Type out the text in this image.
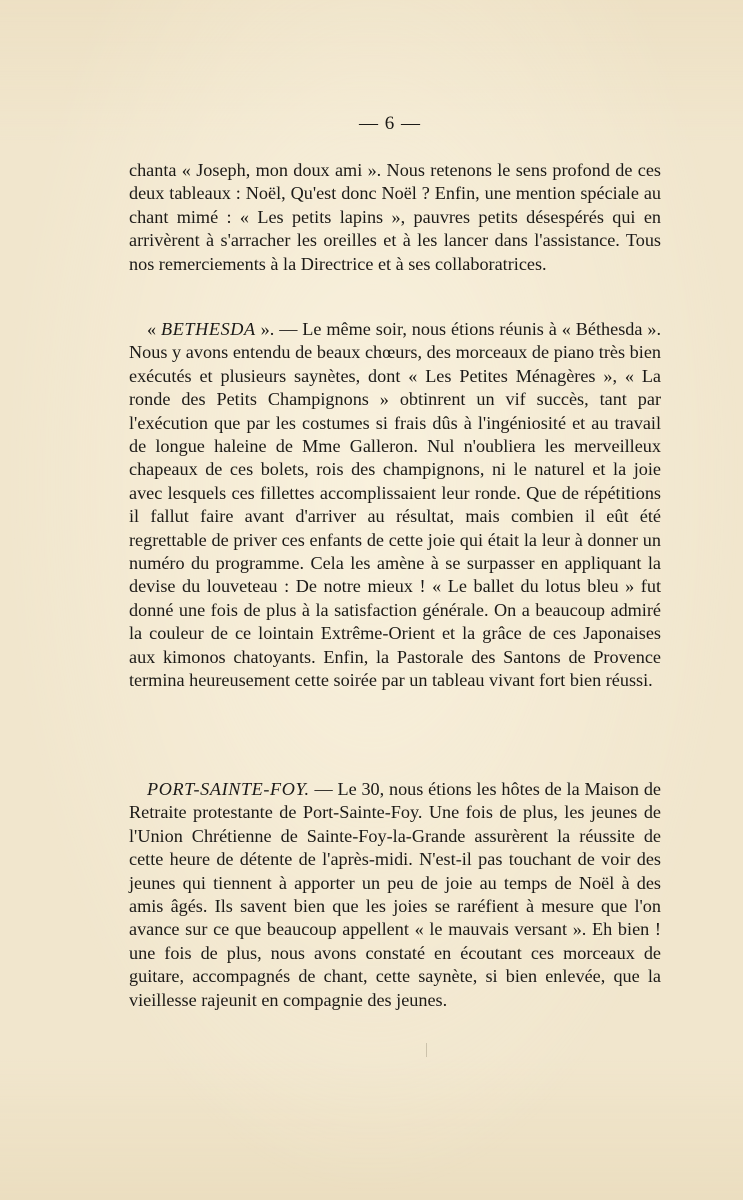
— 6 —

chanta « Joseph, mon doux ami ». Nous retenons le sens profond de ces deux tableaux : Noël, Qu'est donc Noël ? Enfin, une mention spéciale au chant mimé : « Les petits lapins », pauvres petits désespérés qui en arrivèrent à s'arracher les oreilles et à les lancer dans l'assistance. Tous nos remerciements à la Directrice et à ses collaboratrices.

« BETHESDA ». — Le même soir, nous étions réunis à « Béthesda ». Nous y avons entendu de beaux chœurs, des morceaux de piano très bien exécutés et plusieurs saynètes, dont « Les Petites Ménagères », « La ronde des Petits Champignons » obtinrent un vif succès, tant par l'exécution que par les costumes si frais dûs à l'ingéniosité et au travail de longue haleine de Mme Galleron. Nul n'oubliera les merveilleux chapeaux de ces bolets, rois des champignons, ni le naturel et la joie avec lesquels ces fillettes accomplissaient leur ronde. Que de répétitions il fallut faire avant d'arriver au résultat, mais combien il eût été regrettable de priver ces enfants de cette joie qui était la leur à donner un numéro du programme. Cela les amène à se surpasser en appliquant la devise du louveteau : De notre mieux ! « Le ballet du lotus bleu » fut donné une fois de plus à la satisfaction générale. On a beaucoup admiré la couleur de ce lointain Extrême-Orient et la grâce de ces Japonaises aux kimonos chatoyants. Enfin, la Pastorale des Santons de Provence termina heureusement cette soirée par un tableau vivant fort bien réussi.

PORT-SAINTE-FOY. — Le 30, nous étions les hôtes de la Maison de Retraite protestante de Port-Sainte-Foy. Une fois de plus, les jeunes de l'Union Chrétienne de Sainte-Foy-la-Grande assurèrent la réussite de cette heure de détente de l'après-midi. N'est-il pas touchant de voir des jeunes qui tiennent à apporter un peu de joie au temps de Noël à des amis âgés. Ils savent bien que les joies se raréfient à mesure que l'on avance sur ce que beaucoup appellent « le mauvais versant ». Eh bien ! une fois de plus, nous avons constaté en écoutant ces morceaux de guitare, accompagnés de chant, cette saynète, si bien enlevée, que la vieillesse rajeunit en compagnie des jeunes.
